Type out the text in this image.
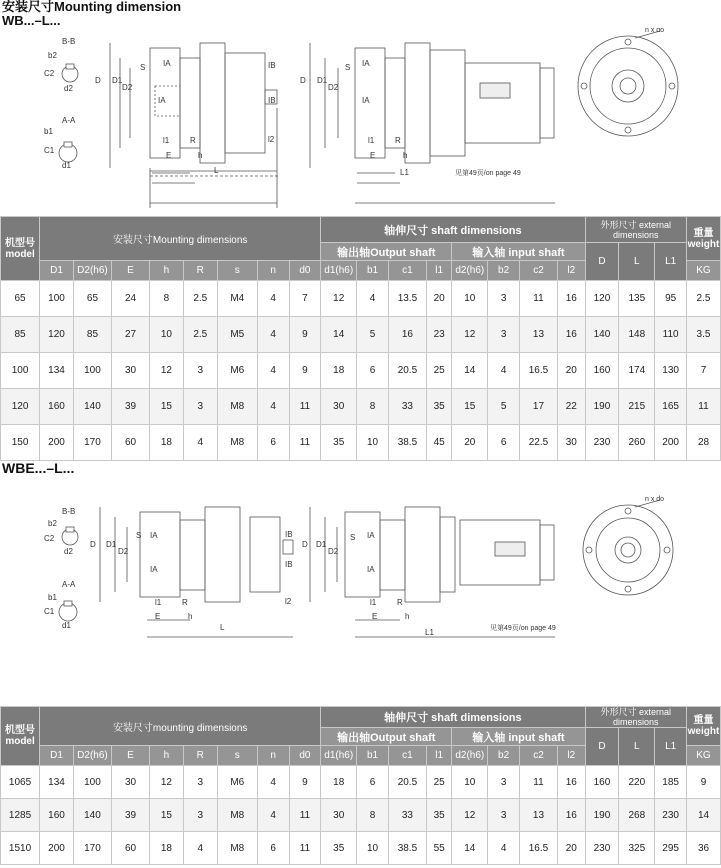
安装尺寸Mounting dimension
WB...–L...
B-B
b2
C2
d2
A-A
b1
C1
d1
D D1
D2
S IA
IA
IB
IB
l1	R
E	h
L
l2
D D1
D2
S IA
IA
l1	R
E	h
L1	见第49页/on page 49
n x do
机型号 model	安装尺寸Mounting dimensions								轴伸尺寸 shaft dimensions								外形尺寸 external dimensions			重量 weight
									输出轴Output shaft				输入轴 input shaft				D	L	L1	
	D1	D2(h6)	E	h	R	s	n	d0	d1(h6)	b1	c1	l1	d2(h6)	b2	c2	l2				KG
65	100	65	24	8	2.5	M4	4	7	12	4	13.5	20	10	3	11	16	120	135	95	2.5
85	120	85	27	10	2.5	M5	4	9	14	5	16	23	12	3	13	16	140	148	110	3.5
100	134	100	30	12	3	M6	4	9	18	6	20.5	25	14	4	16.5	20	160	174	130	7
120	160	140	39	15	3	M8	4	11	30	8	33	35	15	5	17	22	190	215	165	11
150	200	170	60	18	4	M8	6	11	35	10	38.5	45	20	6	22.5	30	230	260	200	28
WBE...–L...
B-B
b2
C2
d2
A-A
b1
C1
d1
D D1
D2
S IA
IA
IB
IB
l1	R
E	h
L
l2
D D1
D2
S IA
IA
l1	R
E	h
L1	见第49页/on page 49
n x do
机型号 model	安装尺寸mounting dimensions								轴伸尺寸 shaft dimensions								外形尺寸 external dimensions			重量 weight
									输出轴Output shaft				输入轴 input shaft				D	L	L1	
	D1	D2(h6)	E	h	R	s	n	d0	d1(h6)	b1	c1	l1	d2(h6)	b2	c2	l2				KG
1065	134	100	30	12	3	M6	4	9	18	6	20.5	25	10	3	11	16	160	220	185	9
1285	160	140	39	15	3	M8	4	11	30	8	33	35	12	3	13	16	190	268	230	14
1510	200	170	60	18	4	M8	6	11	35	10	38.5	55	14	4	16.5	20	230	325	295	36
